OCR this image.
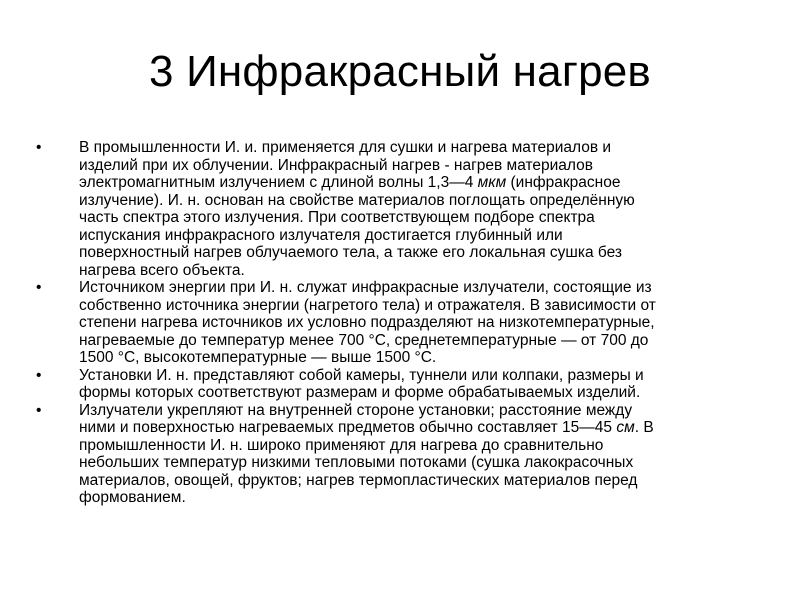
3 Инфракрасный нагрев
• В промышленности И. и. применяется для сушки и нагрева материалов и
изделий при их облучении. Инфракрасный нагрев - нагрев материалов
электромагнитным излучением с длиной волны 1,3—4 мкм (инфракрасное
излучение). И. н. основан на свойстве материалов поглощать определённую
часть спектра этого излучения. При соответствующем подборе спектра
испускания инфракрасного излучателя достигается глубинный или
поверхностный нагрев облучаемого тела, а также его локальная сушка без
нагрева всего объекта.
• Источником энергии при И. н. служат инфракрасные излучатели, состоящие из
собственно источника энергии (нагретого тела) и отражателя. В зависимости от
степени нагрева источников их условно подразделяют на низкотемпературные,
нагреваемые до температур менее 700 °С, среднетемпературные — от 700 до
1500 °С, высокотемпературные — выше 1500 °С.
• Установки И. н. представляют собой камеры, туннели или колпаки, размеры и
формы которых соответствуют размерам и форме обрабатываемых изделий.
• Излучатели укрепляют на внутренней стороне установки; расстояние между
ними и поверхностью нагреваемых предметов обычно составляет 15—45 см. В
промышленности И. н. широко применяют для нагрева до сравнительно
небольших температур низкими тепловыми потоками (сушка лакокрасочных
материалов, овощей, фруктов; нагрев термопластических материалов перед
формованием.
